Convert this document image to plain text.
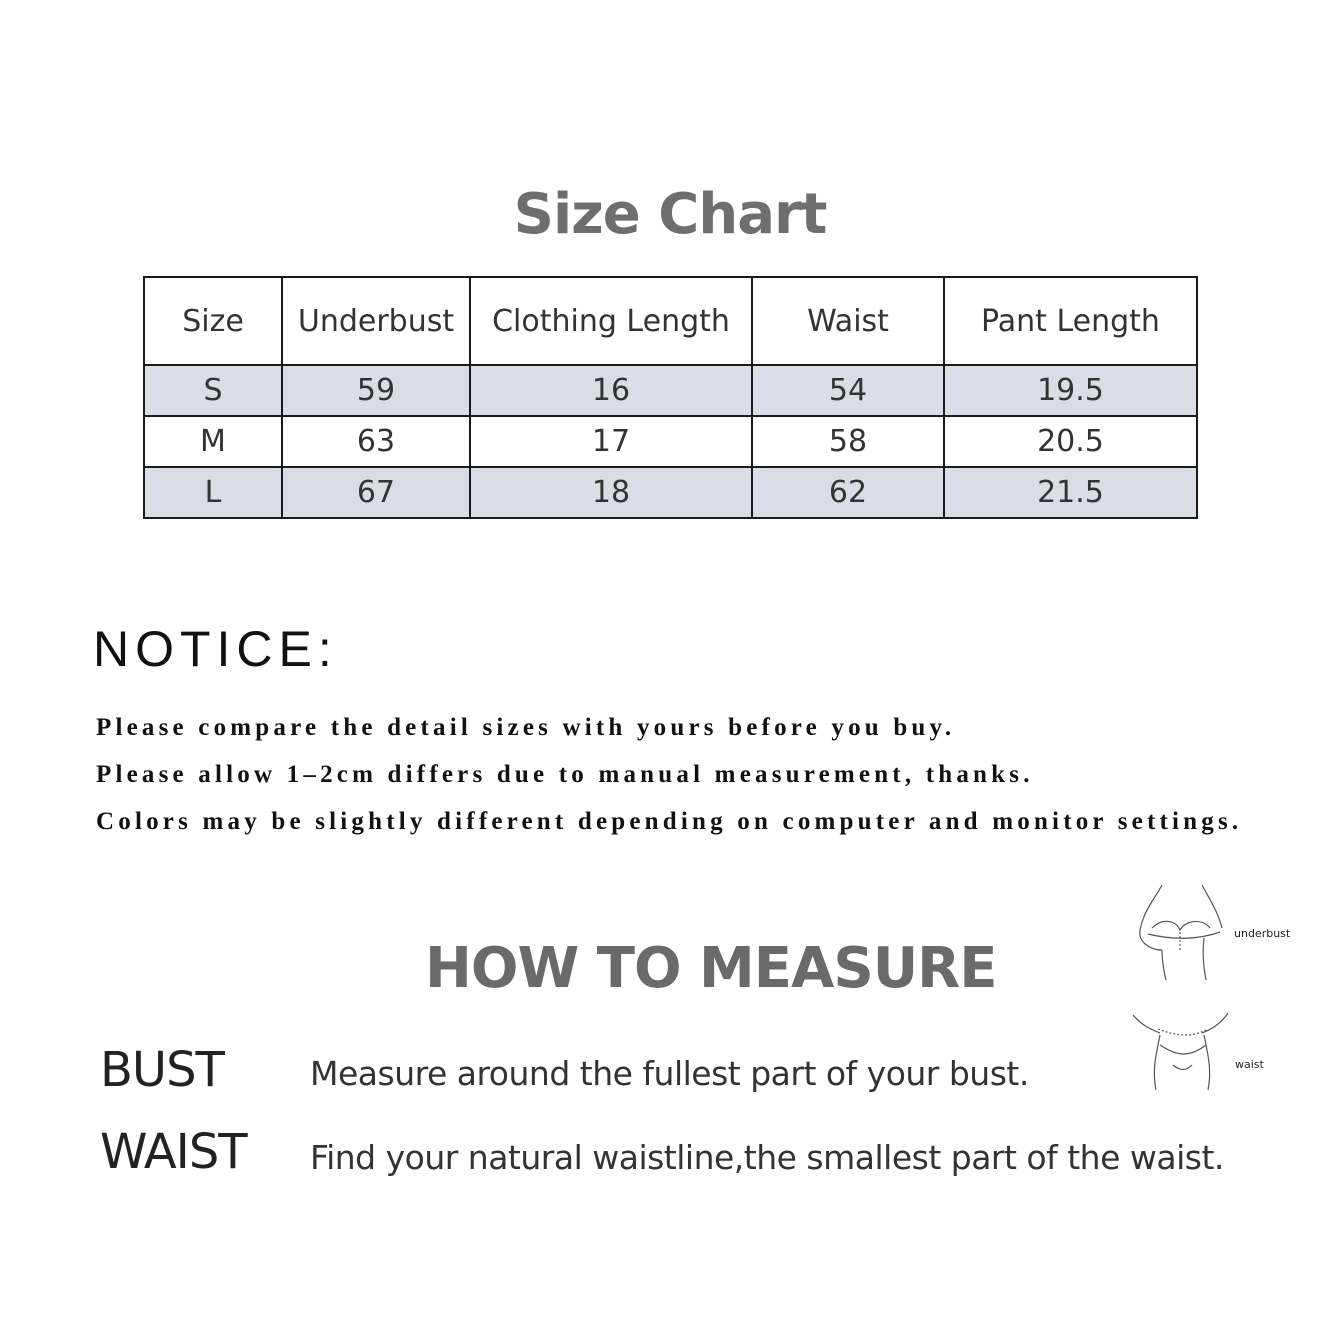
Size Chart
Size	Underbust	Clothing Length	Waist	Pant Length
S	59	16	54	19.5
M	63	17	58	20.5
L	67	18	62	21.5
NOTICE:
Please compare the detail sizes with yours before you buy.
Please allow 1–2cm differs due to manual measurement, thanks.
Colors may be slightly different depending on computer and monitor settings.
HOW TO MEASURE
BUST	Measure around the fullest part of your bust.
WAIST Find your natural waistline,the smallest part of the waist.
underbust
waist
